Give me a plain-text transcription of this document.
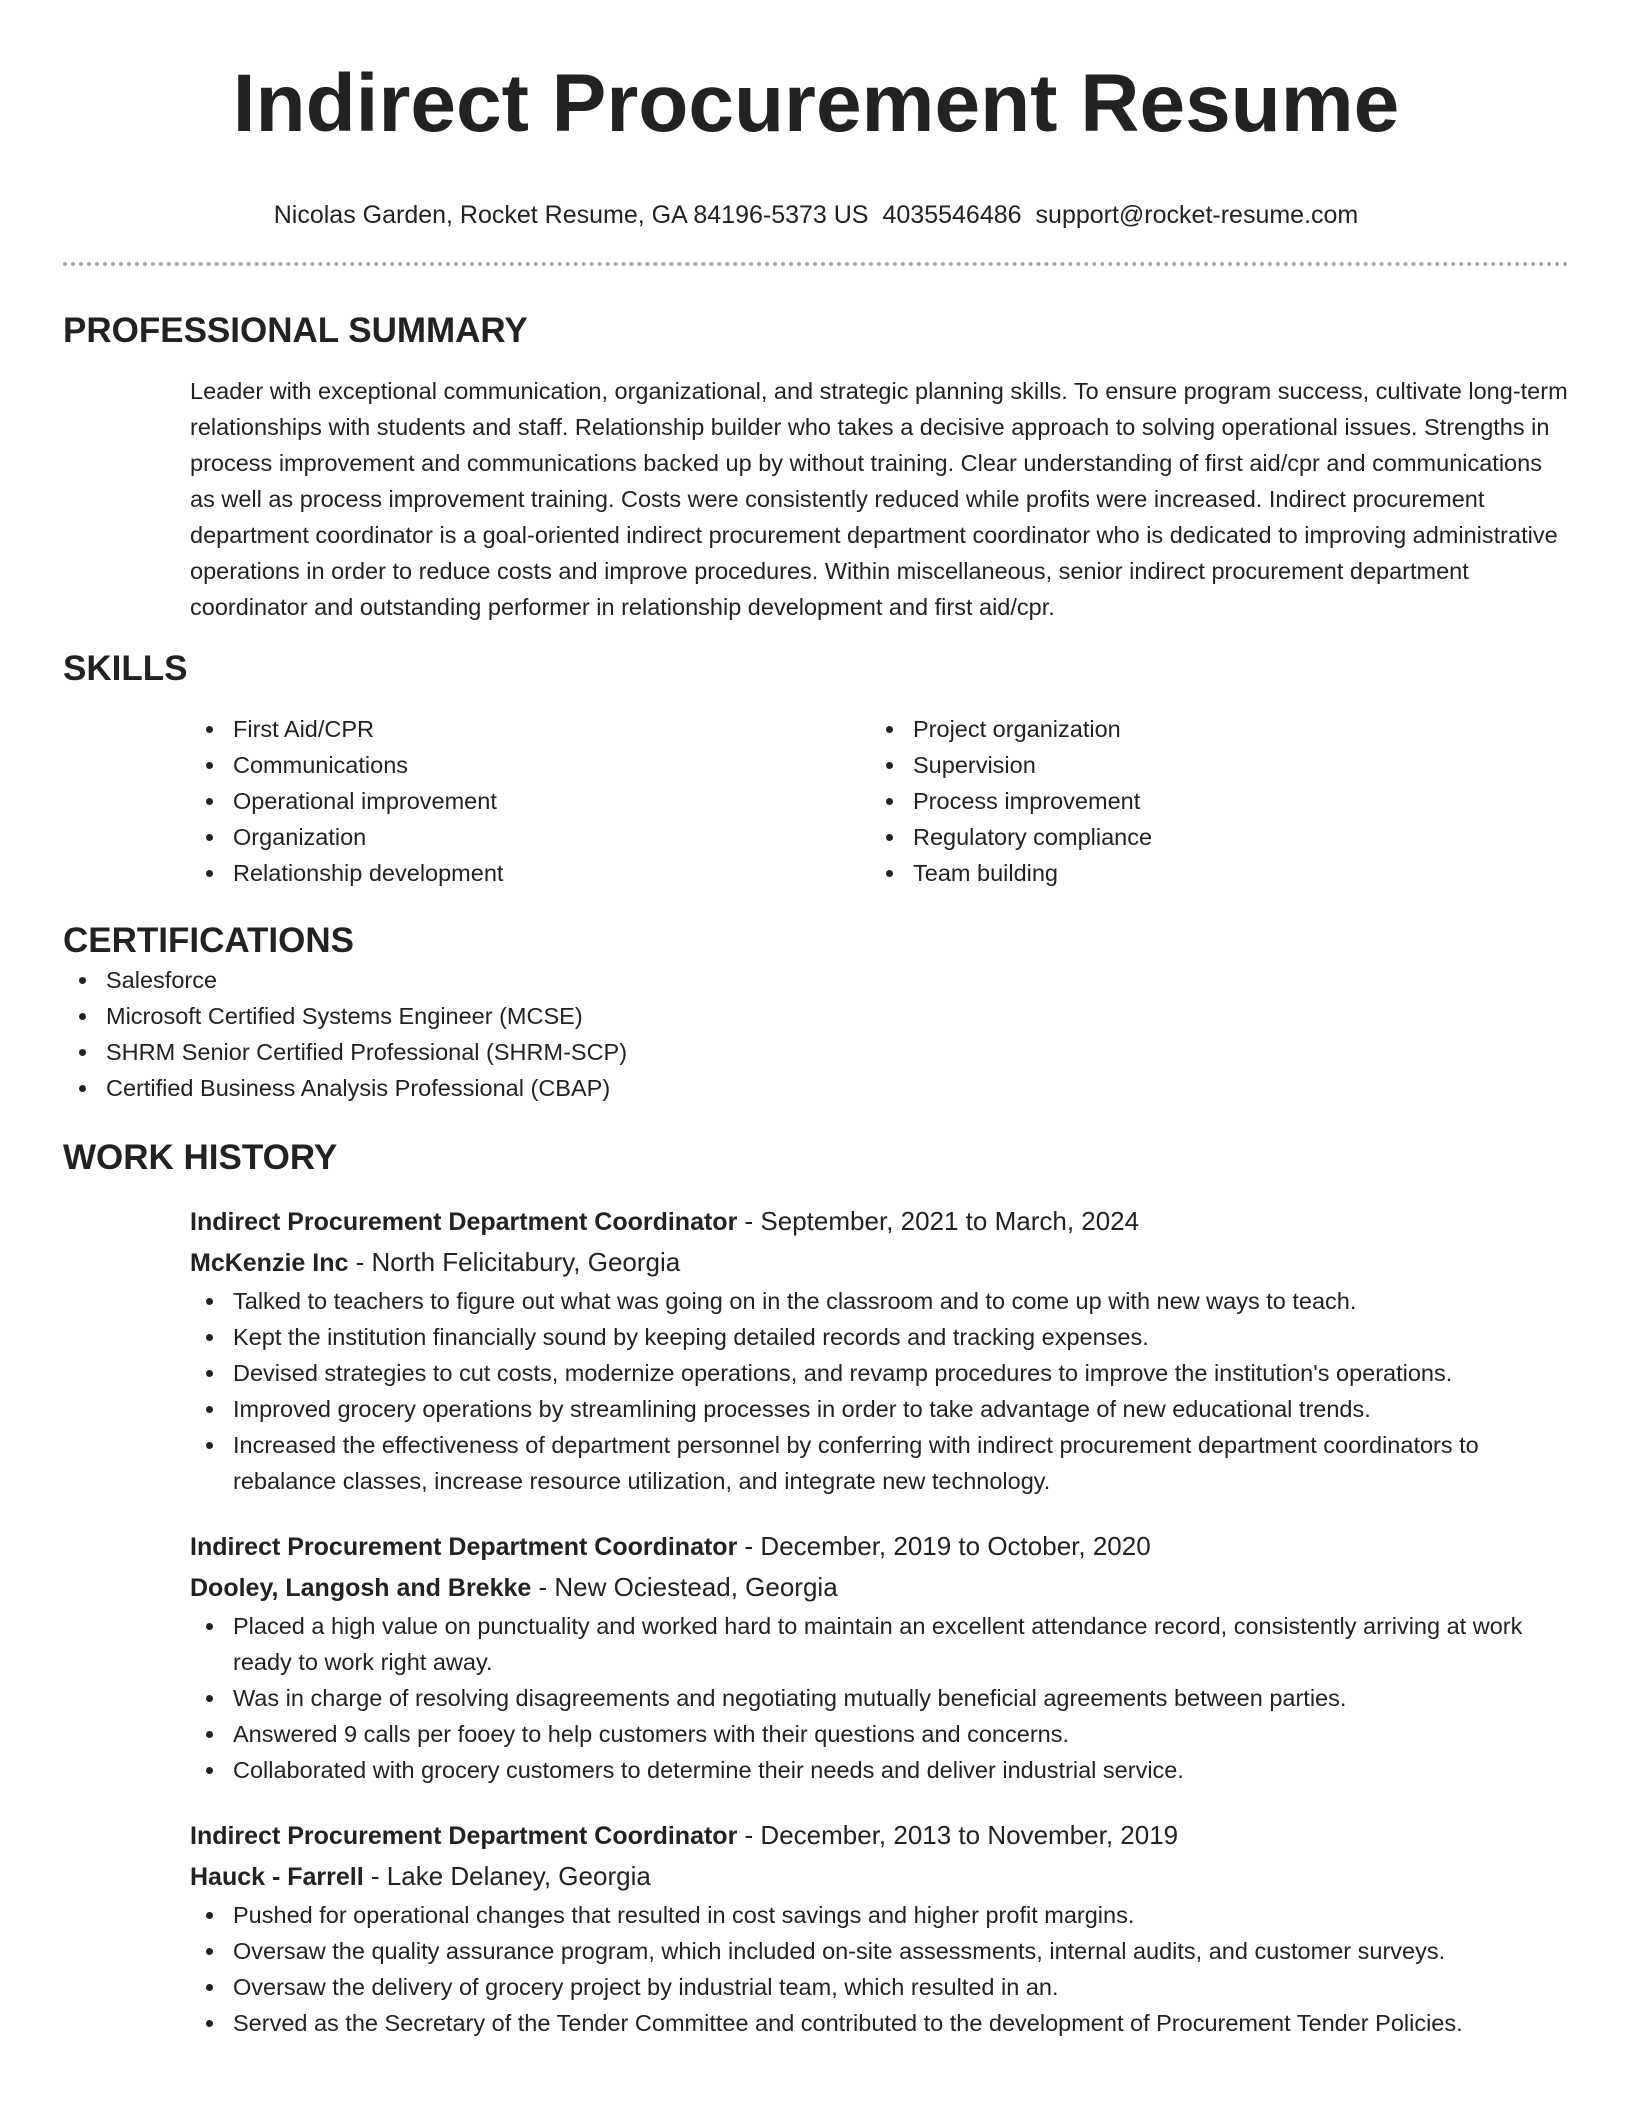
Indirect Procurement Resume
Nicolas Garden, Rocket Resume, GA 84196-5373 US 4035546486 support@rocket-resume.com
PROFESSIONAL SUMMARY
Leader with exceptional communication, organizational, and strategic planning skills. To ensure program success, cultivate long-term relationships with students and staff. Relationship builder who takes a decisive approach to solving operational issues. Strengths in process improvement and communications backed up by without training. Clear understanding of first aid/cpr and communications as well as process improvement training. Costs were consistently reduced while profits were increased. Indirect procurement department coordinator is a goal-oriented indirect procurement department coordinator who is dedicated to improving administrative operations in order to reduce costs and improve procedures. Within miscellaneous, senior indirect procurement department coordinator and outstanding performer in relationship development and first aid/cpr.
SKILLS
First Aid/CPR
Communications
Operational improvement
Organization
Relationship development
Project organization
Supervision
Process improvement
Regulatory compliance
Team building
CERTIFICATIONS
Salesforce
Microsoft Certified Systems Engineer (MCSE)
SHRM Senior Certified Professional (SHRM-SCP)
Certified Business Analysis Professional (CBAP)
WORK HISTORY
Indirect Procurement Department Coordinator - September, 2021 to March, 2024
McKenzie Inc - North Felicitabury, Georgia
Talked to teachers to figure out what was going on in the classroom and to come up with new ways to teach.
Kept the institution financially sound by keeping detailed records and tracking expenses.
Devised strategies to cut costs, modernize operations, and revamp procedures to improve the institution's operations.
Improved grocery operations by streamlining processes in order to take advantage of new educational trends.
Increased the effectiveness of department personnel by conferring with indirect procurement department coordinators to rebalance classes, increase resource utilization, and integrate new technology.
Indirect Procurement Department Coordinator - December, 2019 to October, 2020
Dooley, Langosh and Brekke - New Ociestead, Georgia
Placed a high value on punctuality and worked hard to maintain an excellent attendance record, consistently arriving at work ready to work right away.
Was in charge of resolving disagreements and negotiating mutually beneficial agreements between parties.
Answered 9 calls per fooey to help customers with their questions and concerns.
Collaborated with grocery customers to determine their needs and deliver industrial service.
Indirect Procurement Department Coordinator - December, 2013 to November, 2019
Hauck - Farrell - Lake Delaney, Georgia
Pushed for operational changes that resulted in cost savings and higher profit margins.
Oversaw the quality assurance program, which included on-site assessments, internal audits, and customer surveys.
Oversaw the delivery of grocery project by industrial team, which resulted in an.
Served as the Secretary of the Tender Committee and contributed to the development of Procurement Tender Policies.
